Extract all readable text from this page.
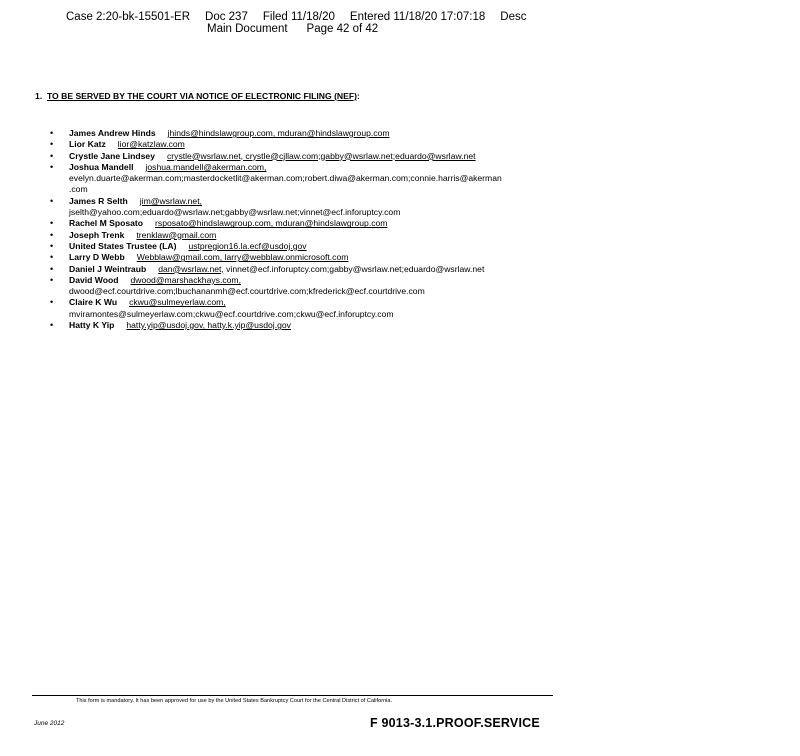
Case 2:20-bk-15501-ER Doc 237 Filed 11/18/20 Entered 11/18/20 17:07:18 Desc
Main Document Page 42 of 42
1. TO BE SERVED BY THE COURT VIA NOTICE OF ELECTRONIC FILING (NEF):
• James Andrew Hinds jhinds@hindslawgroup.com, mduran@hindslawgroup.com
• Lior Katz lior@katzlaw.com
• Crystle Jane Lindsey crystle@wsrlaw.net, crystle@cjllaw.com;gabby@wsrlaw.net;eduardo@wsrlaw.net
• Joshua Mandell joshua.mandell@akerman.com,
evelyn.duarte@akerman.com;masterdocketlit@akerman.com;robert.diwa@akerman.com;connie.harris@akerman
.com
• James R Selth jim@wsrlaw.net,
jselth@yahoo.com;eduardo@wsrlaw.net;gabby@wsrlaw.net;vinnet@ecf.inforuptcy.com
• Rachel M Sposato rsposato@hindslawgroup.com, mduran@hindslawgroup.com
• Joseph Trenk trenklaw@gmail.com
• United States Trustee (LA) ustpregion16.la.ecf@usdoj.gov
• Larry D Webb Webblaw@gmail.com, larry@webblaw.onmicrosoft.com
• Daniel J Weintraub dan@wsrlaw.net, vinnet@ecf.inforuptcy.com;gabby@wsrlaw.net;eduardo@wsrlaw.net
• David Wood dwood@marshackhays.com,
dwood@ecf.courtdrive.com;lbuchananmh@ecf.courtdrive.com;kfrederick@ecf.courtdrive.com
• Claire K Wu ckwu@sulmeyerlaw.com,
mviramontes@sulmeyerlaw.com;ckwu@ecf.courtdrive.com;ckwu@ecf.inforuptcy.com
• Hatty K Yip hatty.yip@usdoj.gov, hatty.k.yip@usdoj.gov
This form is mandatory. It has been approved for use by the United States Bankruptcy Court for the Central District of California.
June 2012	F 9013-3.1.PROOF.SERVICE
